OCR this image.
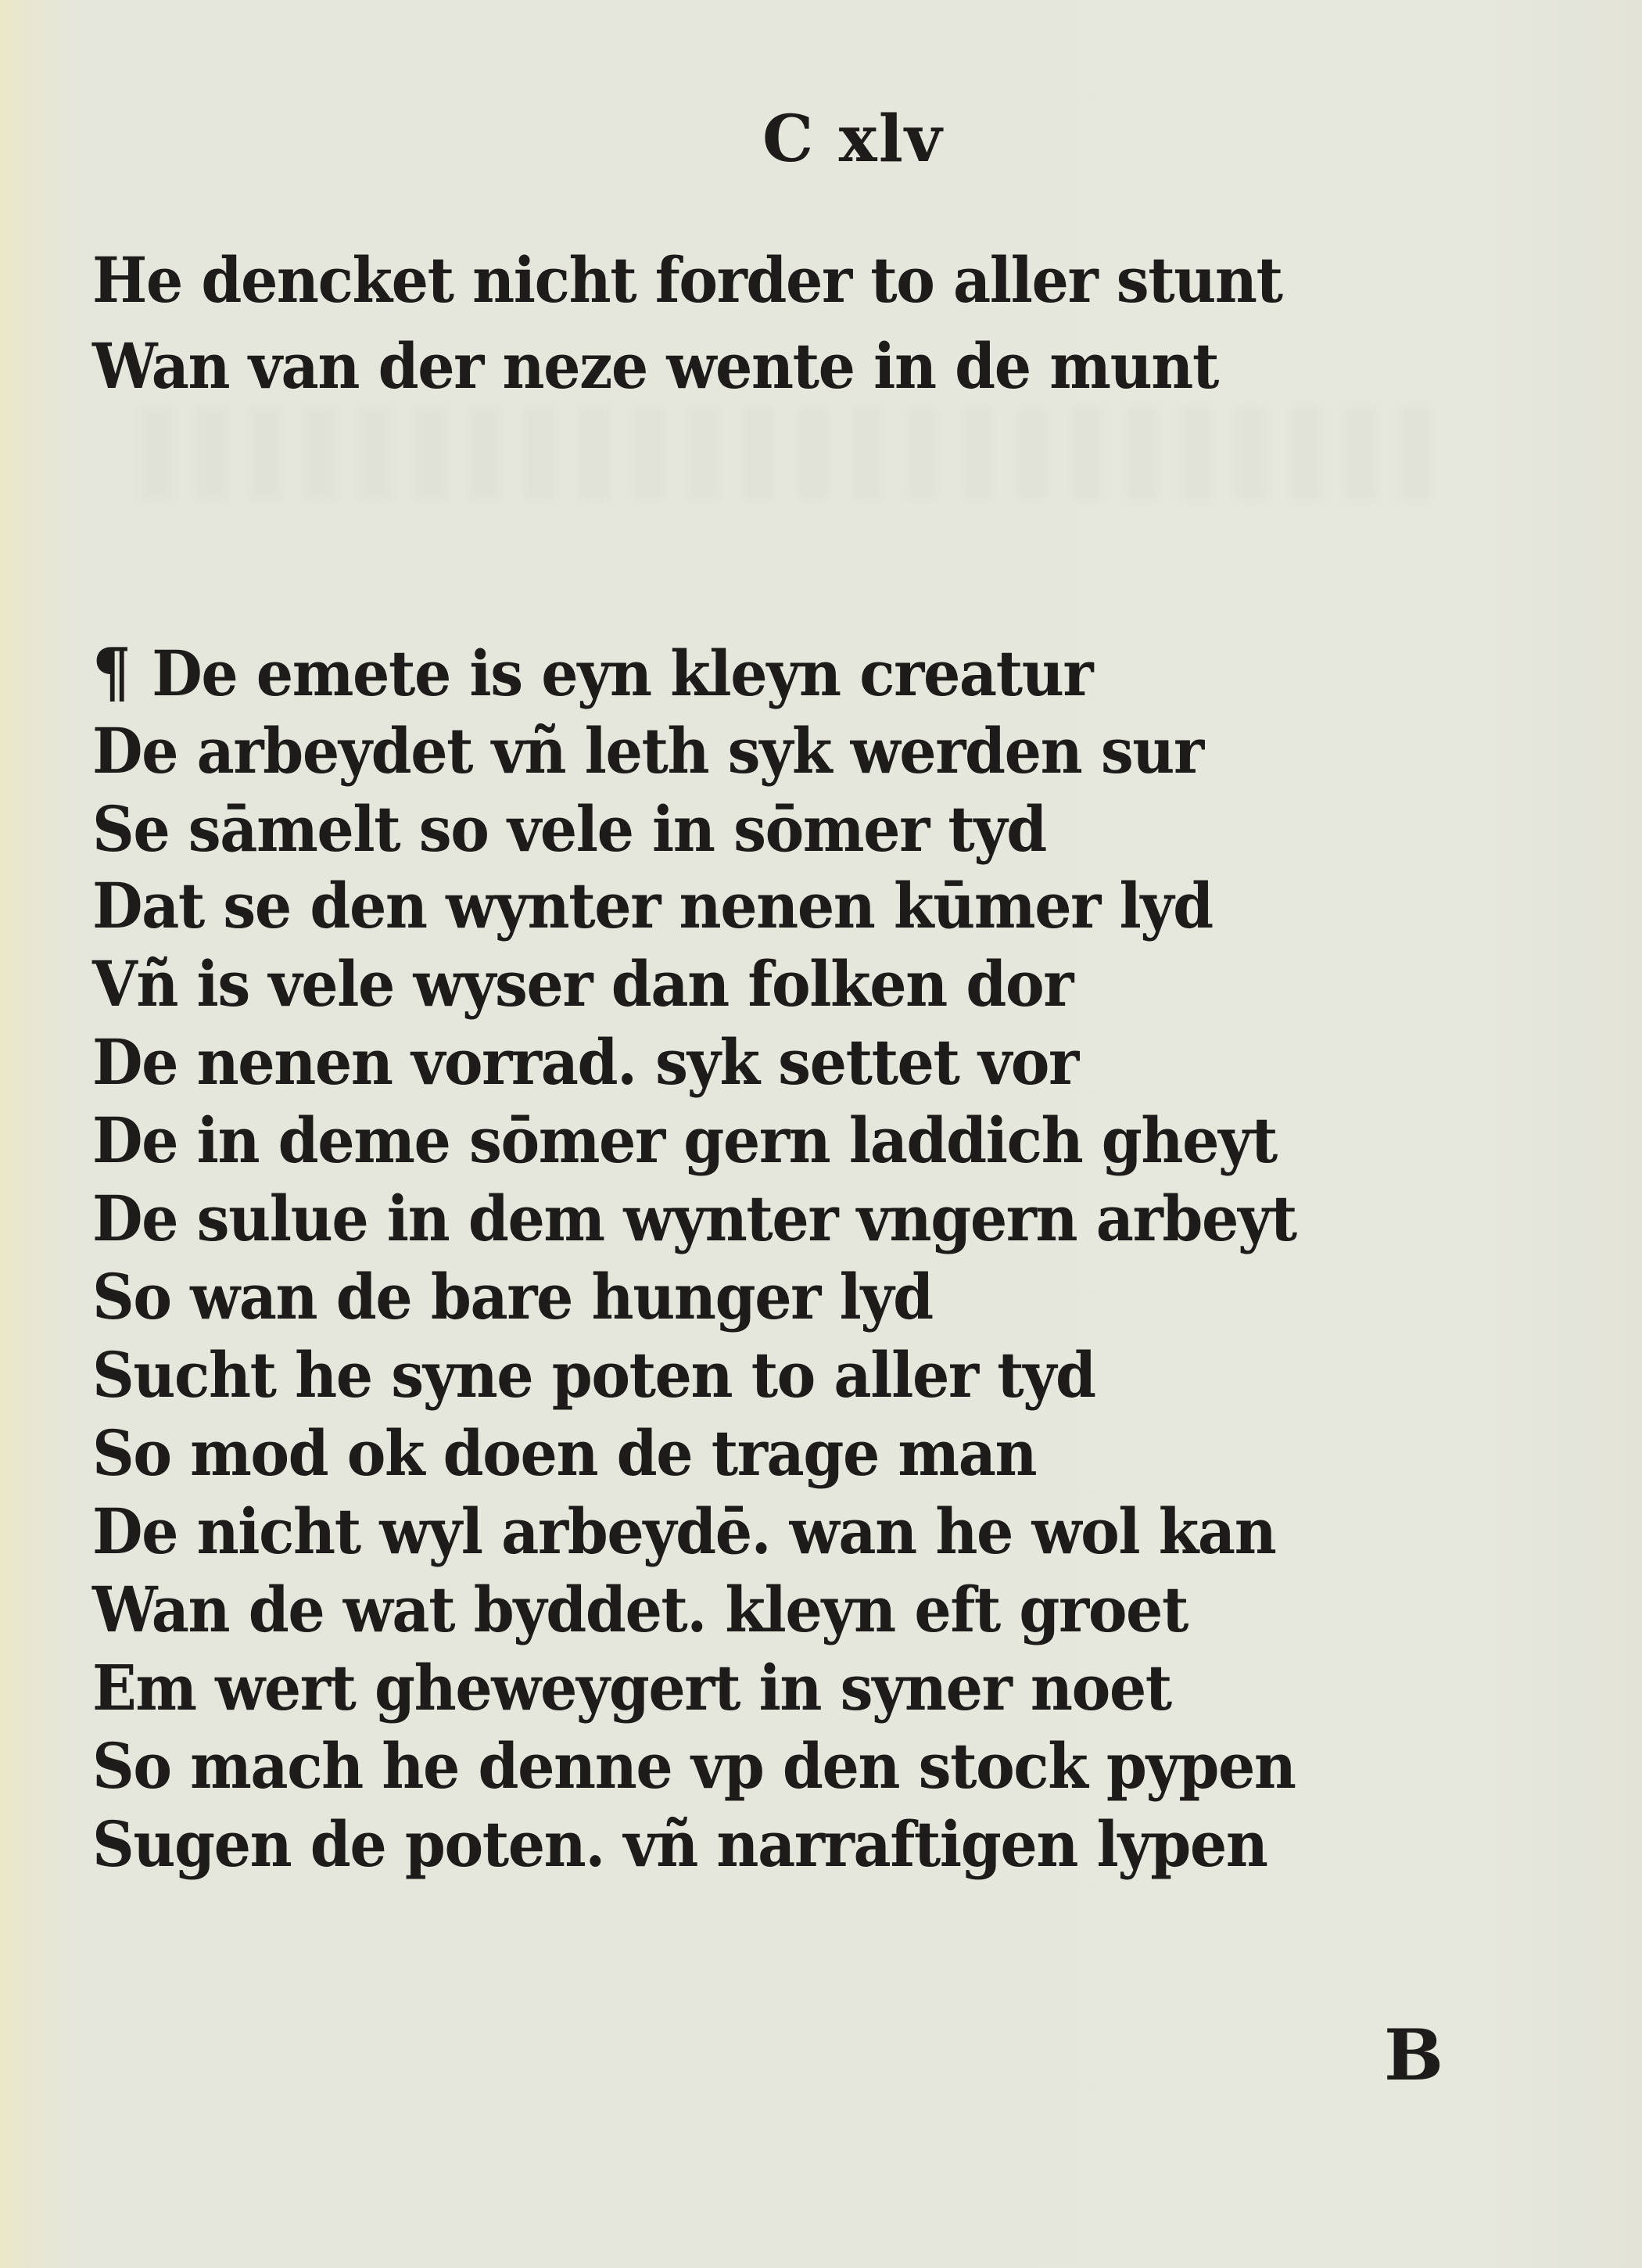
C xlv
He dencket nicht forder to aller stunt
Wan van der neze wente in de munt
¶ De emete is eyn kleyn creatur
De arbeydet vñ leth syk werden sur
Se sāmelt so vele in sōmer tyd
Dat se den wynter nenen kūmer lyd
Vñ is vele wyser dan folken dor
De nenen vorrad. syk settet vor
De in deme sōmer gern laddich gheyt
De sulue in dem wynter vngern arbeyt
So wan de bare hunger lyd
Sucht he syne poten to aller tyd
So mod ok doen de trage man
De nicht wyl arbeydē. wan he wol kan
Wan de wat byddet. kleyn eft groet
Em wert gheweygert in syner noet
So mach he denne vp den stock pypen
Sugen de poten. vñ narraftigen lypen
B
